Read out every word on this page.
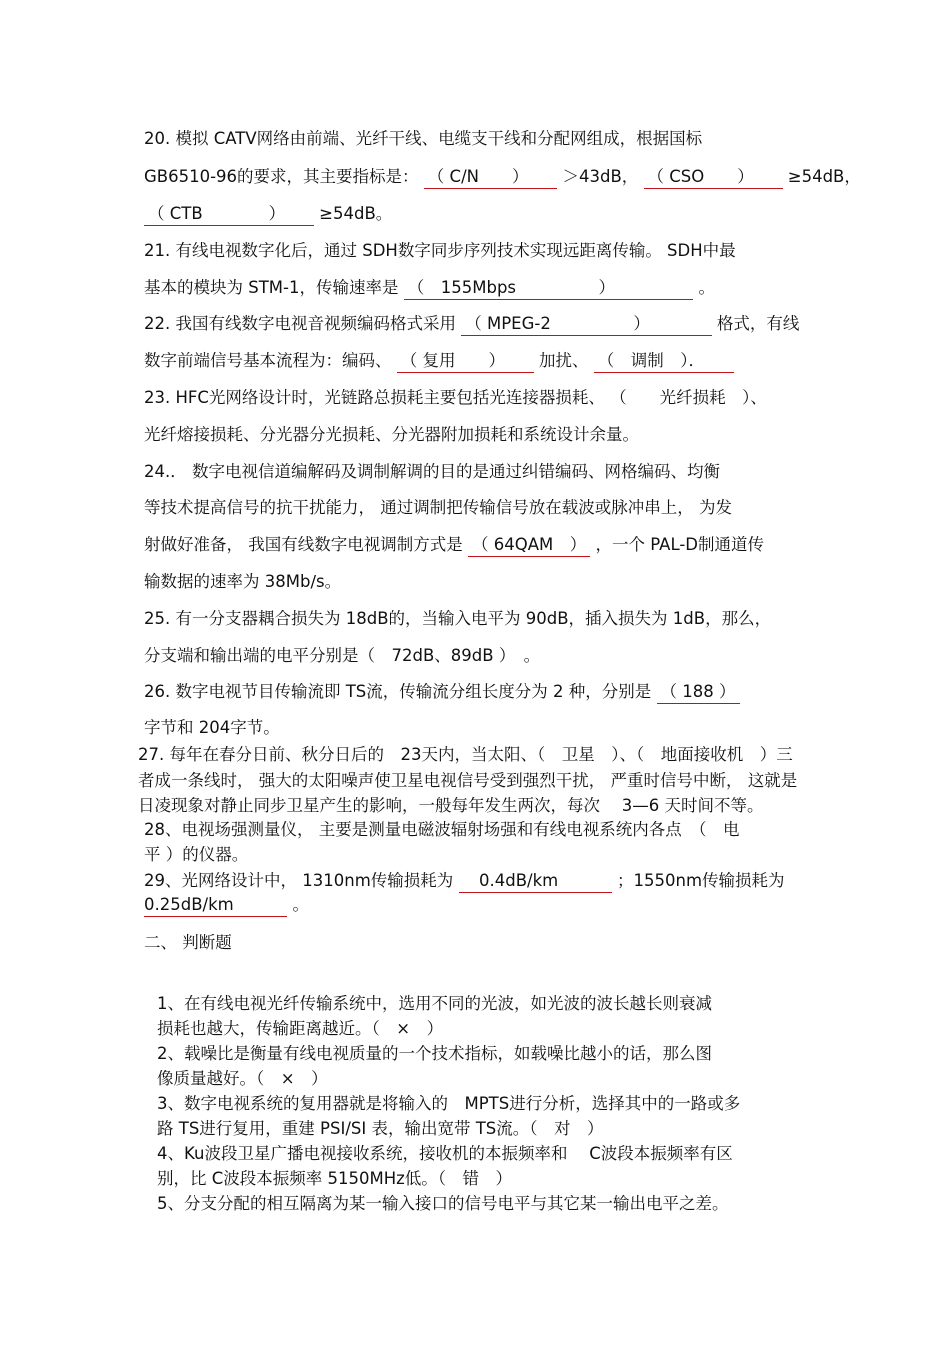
20. 模拟 CATV网络由前端、光纤干线、电缆支干线和分配网组成，根据国标
GB6510-96的要求，其主要指标是： （ C/N　　）　　 ＞43dB， （ CSO　　）　　 ≥54dB，
（ CTB　　　　）　　 ≥54dB。
21. 有线电视数字化后，通过 SDH数字同步序列技术实现远距离传输。 SDH中最
基本的模块为 STM-1，传输速率是 （　155Mbps　　　　　）　　　　　 。
22. 我国有线数字电视音视频编码格式采用 （ MPEG-2　　　　　）　　　　 格式，有线
数字前端信号基本流程为：编码、 （ 复用　　）　　 加扰、 （　调制　）．　　
23. HFC光网络设计时，光链路总损耗主要包括光连接器损耗、 （　　光纤损耗　）、
光纤熔接损耗、分光器分光损耗、分光器附加损耗和系统设计余量。
24.． 数字电视信道编解码及调制解调的目的是通过纠错编码、网格编码、均衡
等技术提高信号的抗干扰能力， 通过调制把传输信号放在载波或脉冲串上， 为发
射做好准备， 我国有线数字电视调制方式是 （ 64QAM　） ，一个 PAL-D制通道传
输数据的速率为 38Mb∕s。
25. 有一分支器耦合损失为 18dB的，当输入电平为 90dB，插入损失为 1dB，那么，
分支端和输出端的电平分别是（　72dB、89dB ）　。
26. 数字电视节目传输流即 TS流，传输流分组长度分为 2 种，分别是 （ 188 ）
字节和 204字节。
27. 每年在春分日前、秋分日后的　23天内，当太阳、（　卫星　）、（　地面接收机　）三
者成一条线时， 强大的太阳噪声使卫星电视信号受到强烈干扰， 严重时信号中断， 这就是
日凌现象对静止同步卫星产生的影响，一般每年发生两次，每次　 3—6 天时间不等。
28、电视场强测量仪， 主要是测量电磁波辐射场强和有线电视系统内各点　（　电
平 ）的仪器。
29、光网络设计中， 1310nm传输损耗为 　0.4dB/km　　　 ；1550nm传输损耗为
0.25dB/km　　　 。
二、 判断题
1、在有线电视光纤传输系统中，选用不同的光波，如光波的波长越长则衰减
损耗也越大，传输距离越近。（　×　）
2、载噪比是衡量有线电视质量的一个技术指标，如载噪比越小的话，那么图
像质量越好。（　×　）
3、数字电视系统的复用器就是将输入的　MPTS进行分析，选择其中的一路或多
路 TS进行复用，重建 PSI/SI 表，输出宽带 TS流。（　对　）
4、Ku波段卫星广播电视接收系统，接收机的本振频率和　 C波段本振频率有区
别，比 C波段本振频率 5150MHz低。（　错　）
5、分支分配的相互隔离为某一输入接口的信号电平与其它某一输出电平之差。
